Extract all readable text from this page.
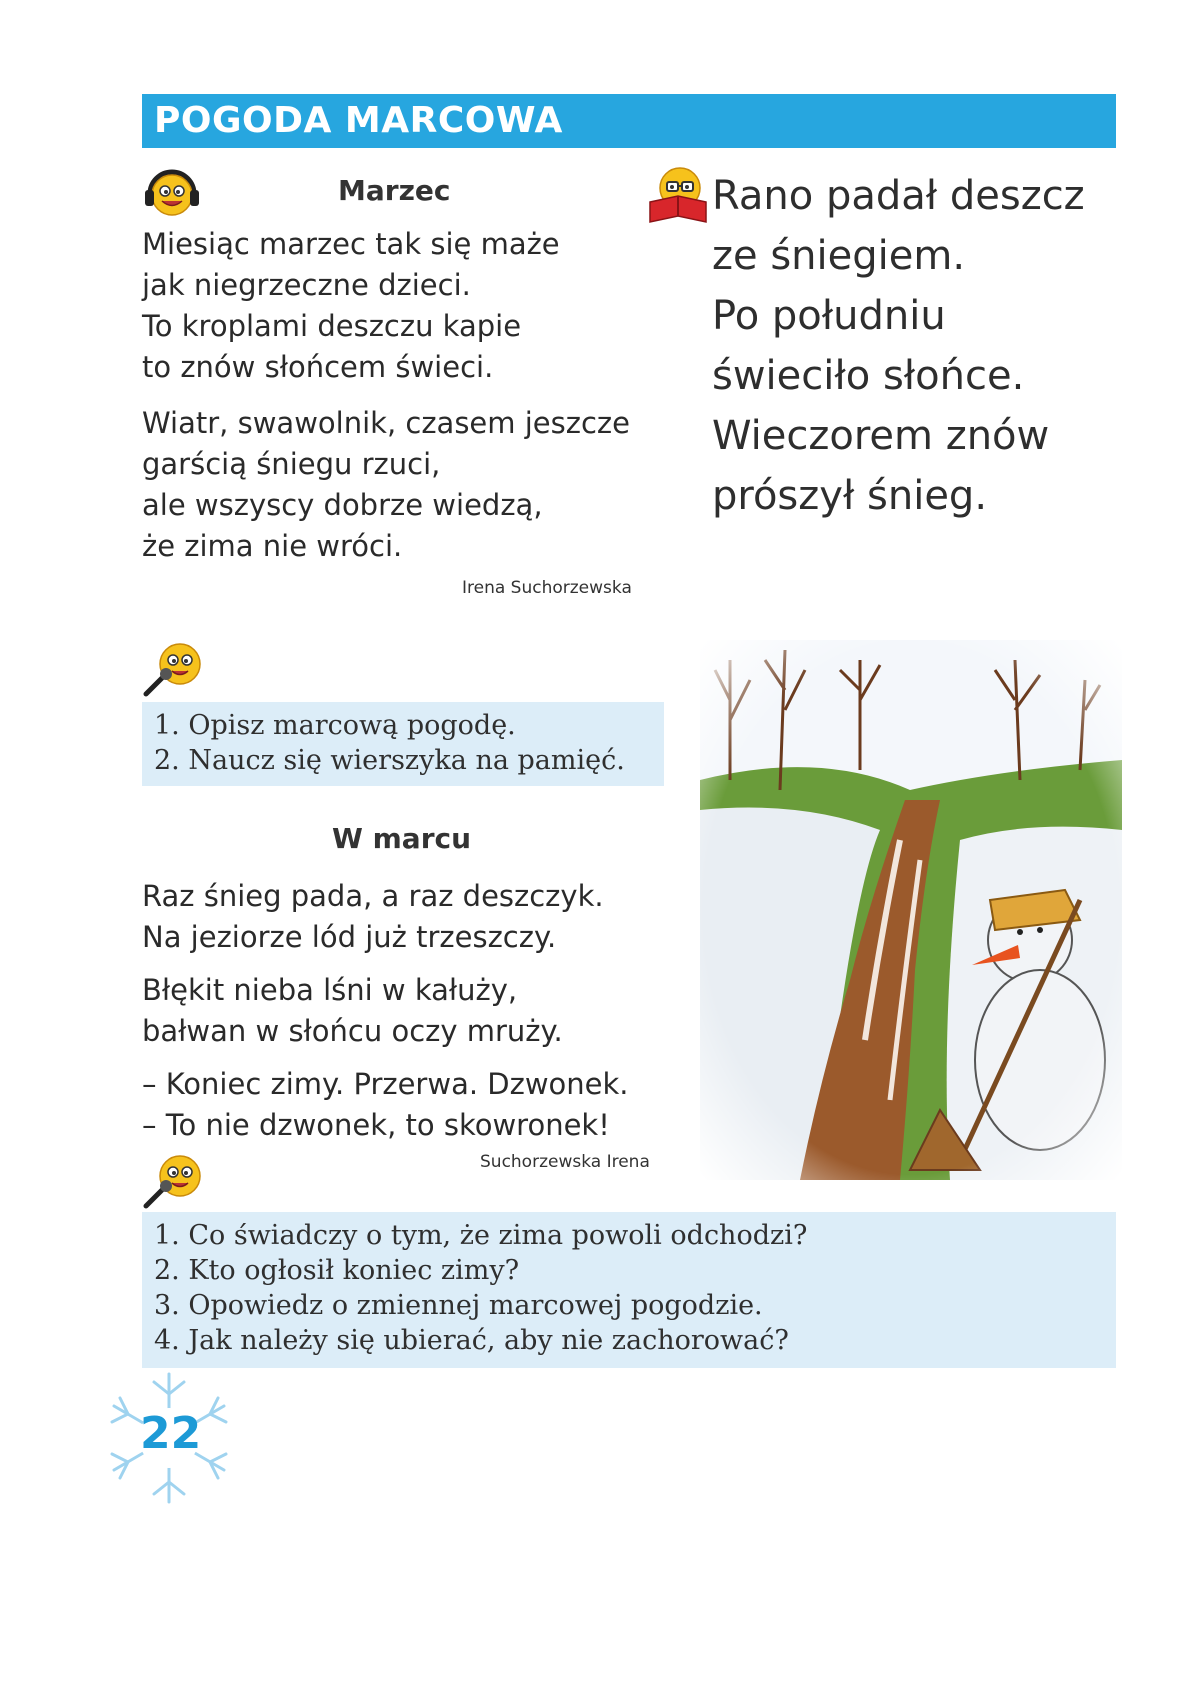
POGODA MARCOWA
Marzec
Miesiąc marzec tak się maże
jak niegrzeczne dzieci.
To kroplami deszczu kapie
to znów słońcem świeci.
Wiatr, swawolnik, czasem jeszcze
garścią śniegu rzuci,
ale wszyscy dobrze wiedzą,
że zima nie wróci.
Irena Suchorzewska
Rano padał deszcz
ze śniegiem.
Po południu
świeciło słońce.
Wieczorem znów
prószył śnieg.
1. Opisz marcową pogodę.
2. Naucz się wierszyka na pamięć.
W marcu
Raz śnieg pada, a raz deszczyk.
Na jeziorze lód już trzeszczy.
Błękit nieba lśni w kałuży,
bałwan w słońcu oczy mruży.
– Koniec zimy. Przerwa. Dzwonek.
– To nie dzwonek, to skowronek!
Suchorzewska Irena
1. Co świadczy o tym, że zima powoli odchodzi?
2. Kto ogłosił koniec zimy?
3. Opowiedz o zmiennej marcowej pogodzie.
4. Jak należy się ubierać, aby nie zachorować?
22
